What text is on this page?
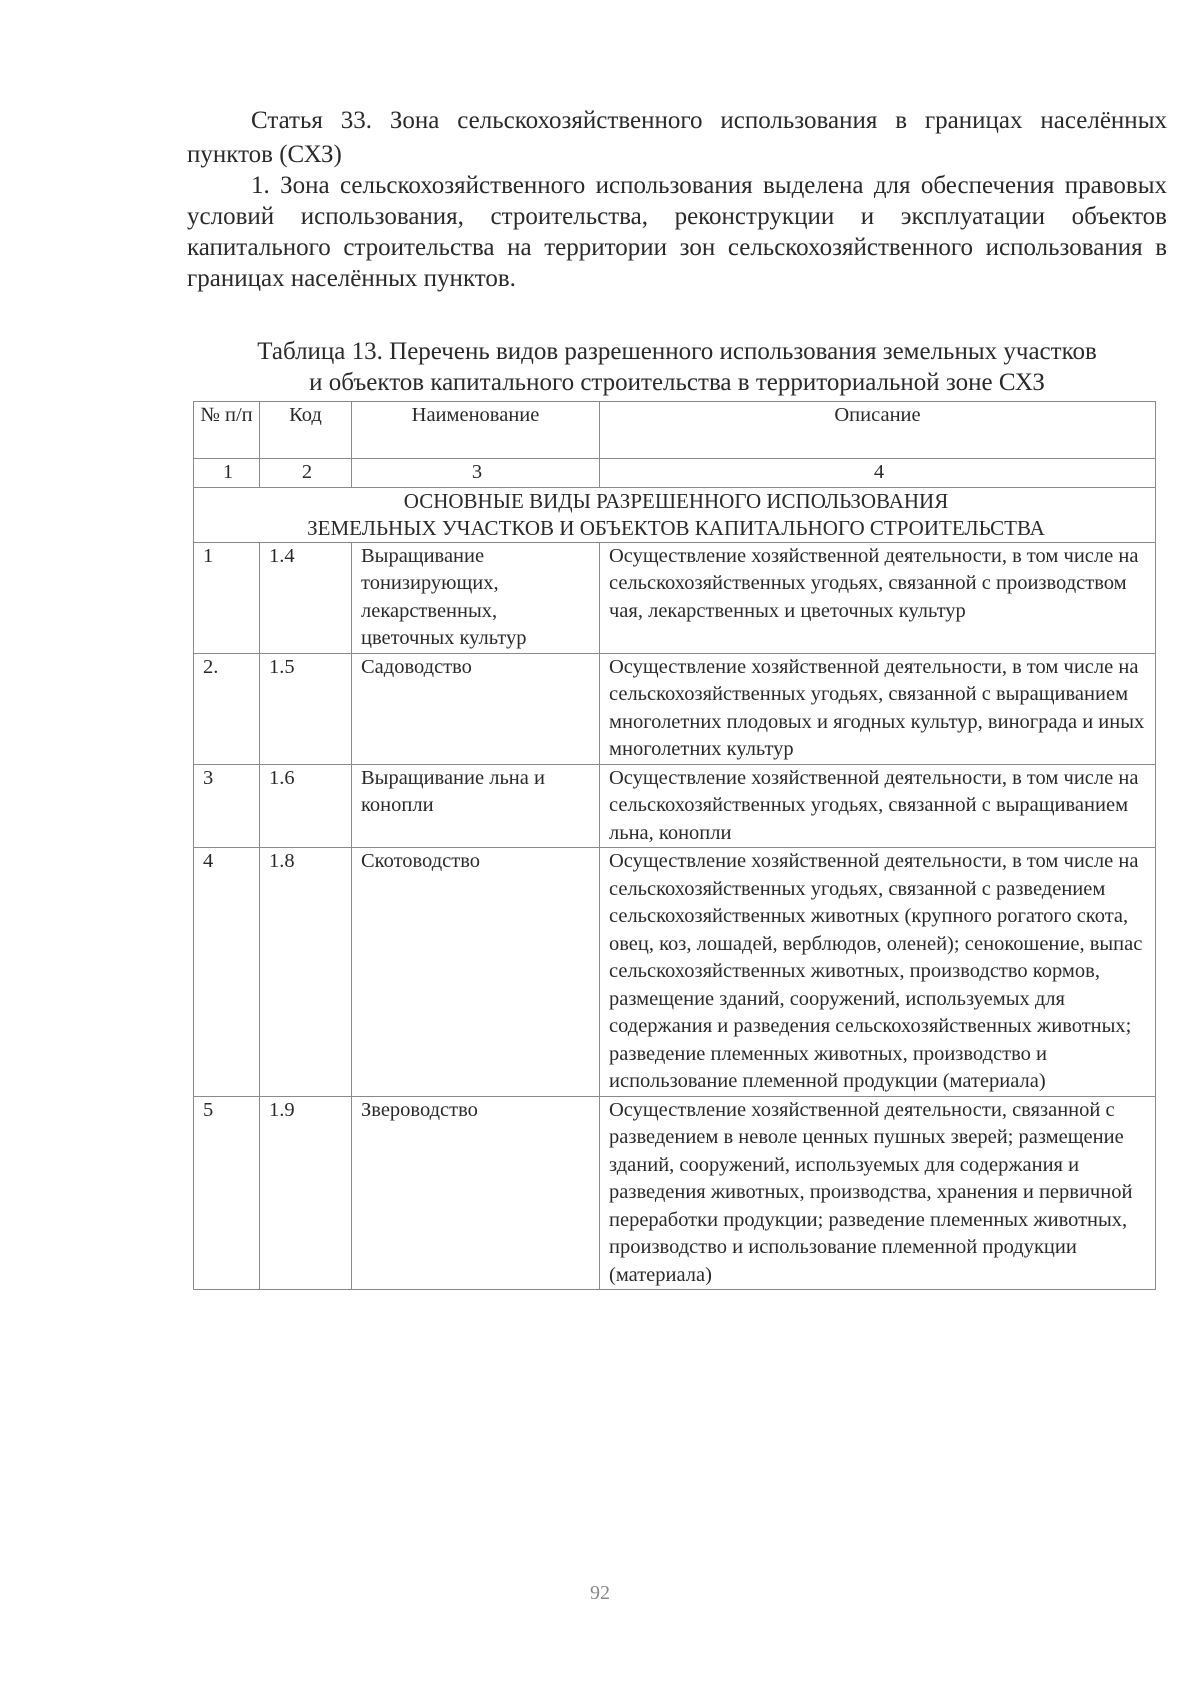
Статья 33. Зона сельскохозяйственного использования в границах населённых пунктов (СХЗ)
1. Зона сельскохозяйственного использования выделена для обеспечения правовых условий использования, строительства, реконструкции и эксплуатации объектов капитального строительства на территории зон сельскохозяйственного использования в границах населённых пунктов.
Таблица 13. Перечень видов разрешенного использования земельных участков
и объектов капитального строительства в территориальной зоне СХЗ
№ п/п	Код	Наименование	Описание
1	2	3	4

ОСНОВНЫЕ ВИДЫ РАЗРЕШЕННОГО ИСПОЛЬЗОВАНИЯ
ЗЕМЕЛЬНЫХ УЧАСТКОВ И ОБЪЕКТОВ КАПИТАЛЬНОГО СТРОИТЕЛЬСТВА			

1	1.4	Выращивание тонизирующих, лекарственных, цветочных культур	Осуществление хозяйственной деятельности, в том числе на сельскохозяйственных угодьях, связанной с производством чая, лекарственных и цветочных культур
2.	1.5	Садоводство	Осуществление хозяйственной деятельности, в том числе на сельскохозяйственных угодьях, связанной с выращиванием многолетних плодовых и ягодных культур, винограда и иных многолетних культур
3	1.6	Выращивание льна и конопли	Осуществление хозяйственной деятельности, в том числе на сельскохозяйственных угодьях, связанной с выращиванием льна, конопли
4	1.8	Скотоводство	Осуществление хозяйственной деятельности, в том числе на сельскохозяйственных угодьях, связанной с разведением сельскохозяйственных животных (крупного рогатого скота, овец, коз, лошадей, верблюдов, оленей); сенокошение, выпас сельскохозяйственных животных, производство кормов, размещение зданий, сооружений, используемых для содержания и разведения сельскохозяйственных животных; разведение племенных животных, производство и использование племенной продукции (материала)
5	1.9	Звероводство	Осуществление хозяйственной деятельности, связанной с разведением в неволе ценных пушных зверей; размещение зданий, сооружений, используемых для содержания и разведения животных, производства, хранения и первичной переработки продукции; разведение племенных животных, производство и использование племенной продукции (материала)
92
